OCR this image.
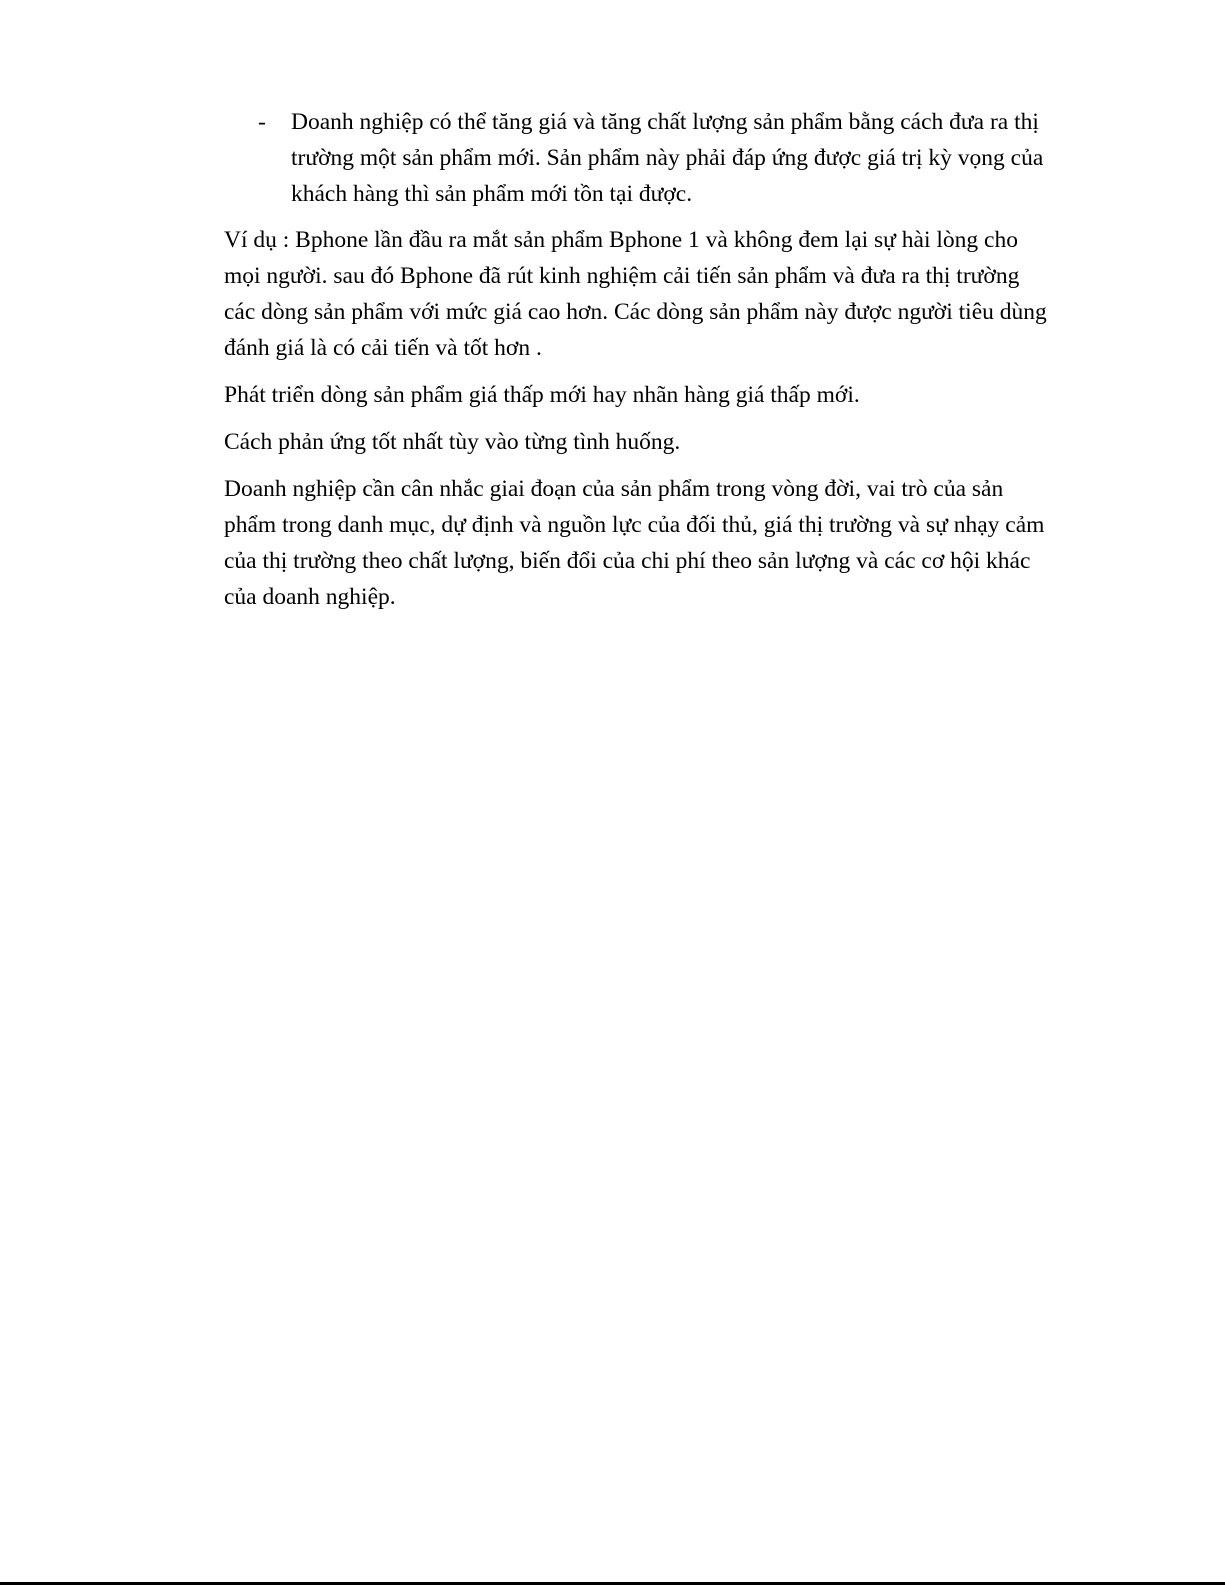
- Doanh nghiệp có thể tăng giá và tăng chất lượng sản phẩm bằng cách đưa ra thị trường một sản phẩm mới. Sản phẩm này phải đáp ứng được giá trị kỳ vọng của khách hàng thì sản phẩm mới tồn tại được.

Ví dụ : Bphone lần đầu ra mắt sản phẩm Bphone 1 và không đem lại sự hài lòng cho mọi người. sau đó Bphone đã rút kinh nghiệm cải tiến sản phẩm và đưa ra thị trường các dòng sản phẩm với mức giá cao hơn. Các dòng sản phẩm này được người tiêu dùng đánh giá là có cải tiến và tốt hơn .

Phát triển dòng sản phẩm giá thấp mới hay nhãn hàng giá thấp mới.

Cách phản ứng tốt nhất tùy vào từng tình huống.

Doanh nghiệp cần cân nhắc giai đoạn của sản phẩm trong vòng đời, vai trò của sản phẩm trong danh mục, dự định và nguồn lực của đối thủ, giá thị trường và sự nhạy cảm của thị trường theo chất lượng, biến đổi của chi phí theo sản lượng và các cơ hội khác của doanh nghiệp.
